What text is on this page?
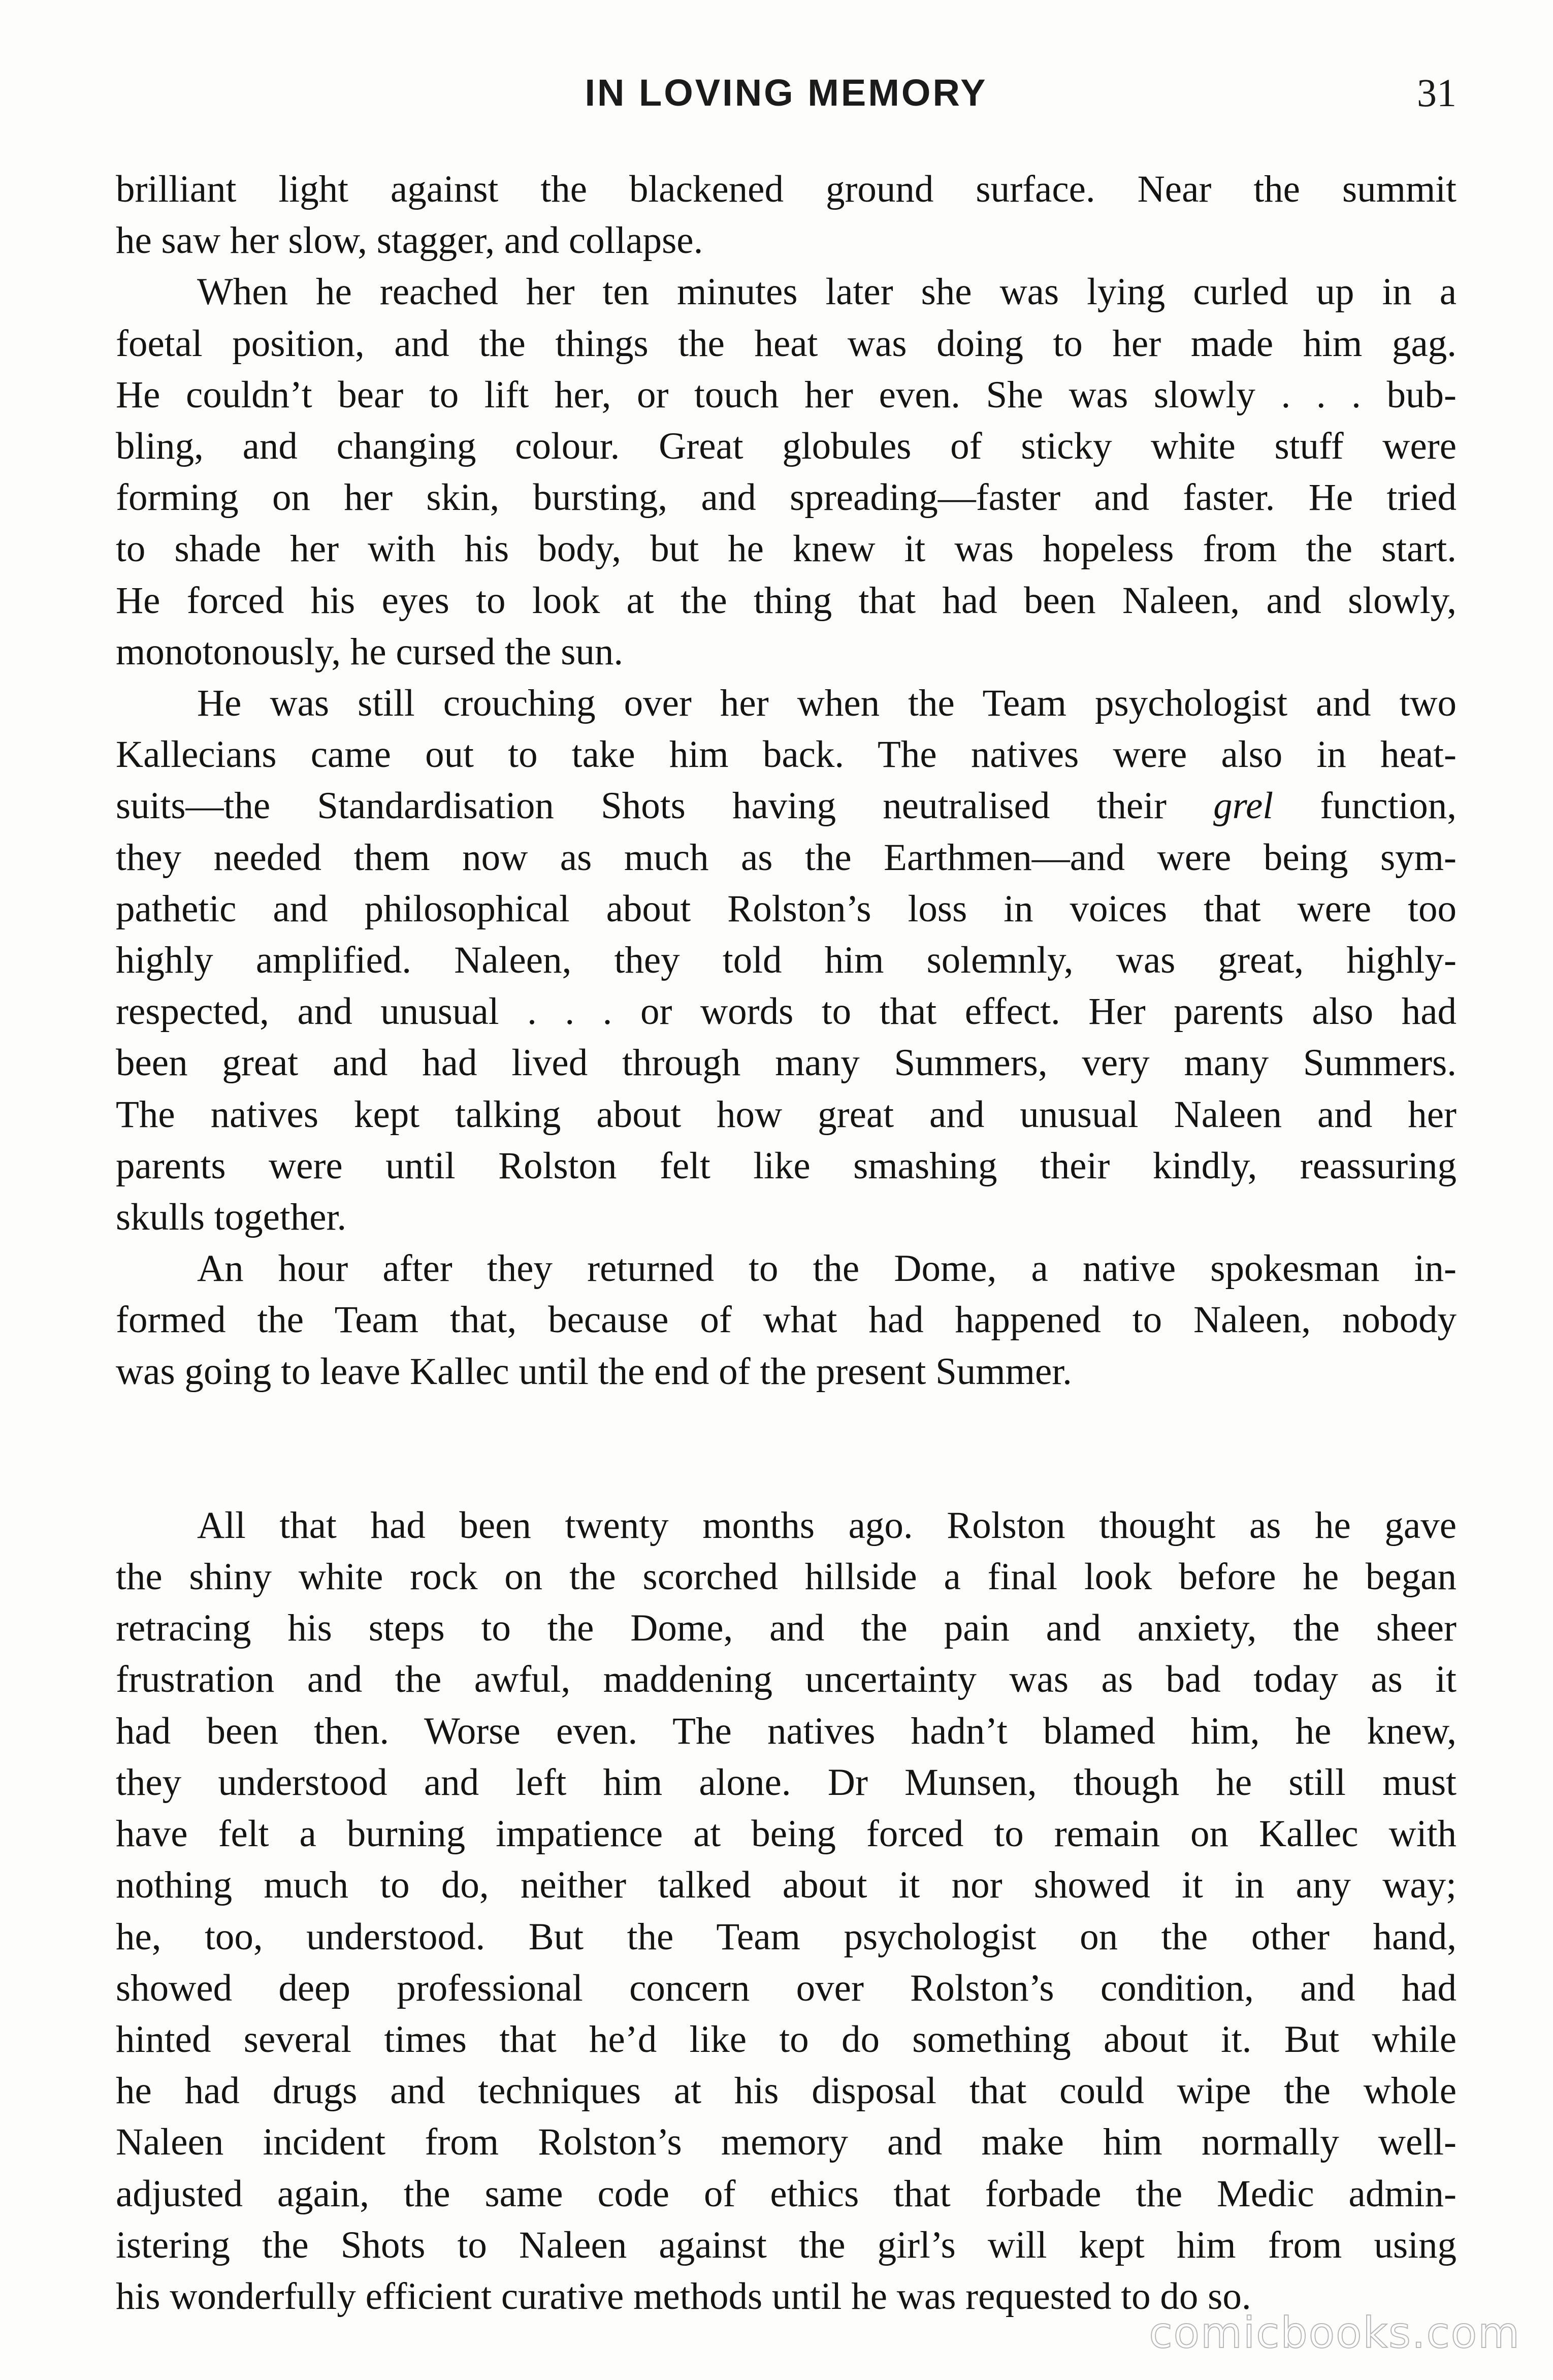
IN LOVING MEMORY	31
brilliant light against the blackened ground surface. Near the summit
he saw her slow, stagger, and collapse.
When he reached her ten minutes later she was lying curled up in a
foetal position, and the things the heat was doing to her made him gag.
He couldn’t bear to lift her, or touch her even. She was slowly . . . bub-
bling, and changing colour. Great globules of sticky white stuff were
forming on her skin, bursting, and spreading—faster and faster. He tried
to shade her with his body, but he knew it was hopeless from the start.
He forced his eyes to look at the thing that had been Naleen, and slowly,
monotonously, he cursed the sun.
He was still crouching over her when the Team psychologist and two
Kallecians came out to take him back. The natives were also in heat-
suits—the Standardisation Shots having neutralised their grel function,
they needed them now as much as the Earthmen—and were being sym-
pathetic and philosophical about Rolston’s loss in voices that were too
highly amplified. Naleen, they told him solemnly, was great, highly-
respected, and unusual . . . or words to that effect. Her parents also had
been great and had lived through many Summers, very many Summers.
The natives kept talking about how great and unusual Naleen and her
parents were until Rolston felt like smashing their kindly, reassuring
skulls together.
An hour after they returned to the Dome, a native spokesman in-
formed the Team that, because of what had happened to Naleen, nobody
was going to leave Kallec until the end of the present Summer.
All that had been twenty months ago. Rolston thought as he gave
the shiny white rock on the scorched hillside a final look before he began
retracing his steps to the Dome, and the pain and anxiety, the sheer
frustration and the awful, maddening uncertainty was as bad today as it
had been then. Worse even. The natives hadn’t blamed him, he knew,
they understood and left him alone. Dr Munsen, though he still must
have felt a burning impatience at being forced to remain on Kallec with
nothing much to do, neither talked about it nor showed it in any way;
he, too, understood. But the Team psychologist on the other hand,
showed deep professional concern over Rolston’s condition, and had
hinted several times that he’d like to do something about it. But while
he had drugs and techniques at his disposal that could wipe the whole
Naleen incident from Rolston’s memory and make him normally well-
adjusted again, the same code of ethics that forbade the Medic admin-
istering the Shots to Naleen against the girl’s will kept him from using
his wonderfully efficient curative methods until he was requested to do so.
comicbooks.com
